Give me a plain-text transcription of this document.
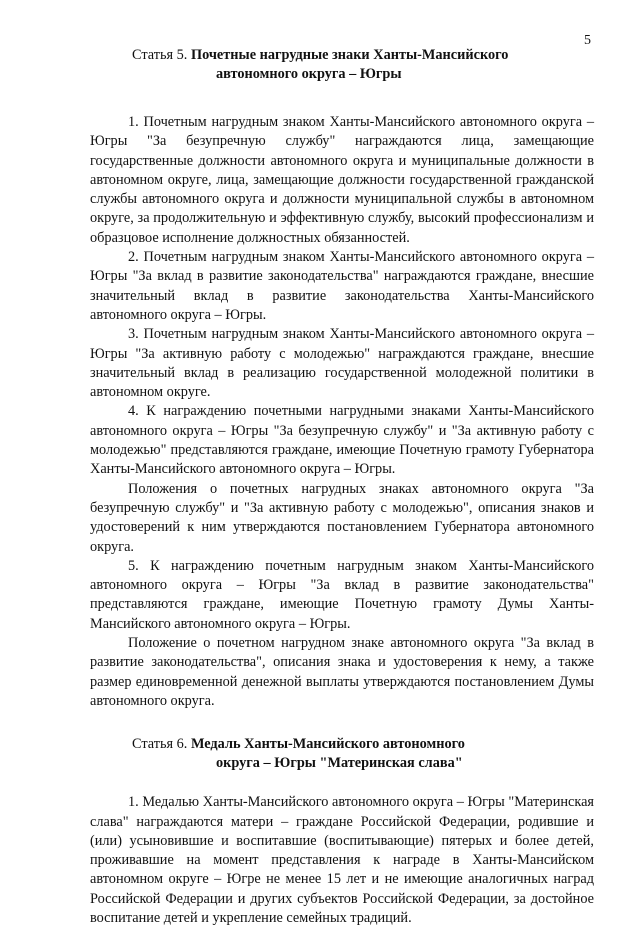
5
Статья 5. Почетные нагрудные знаки Ханты-Мансийского
автономного округа – Югры

1. Почетным нагрудным знаком Ханты-Мансийского автономного округа – Югры "За безупречную службу" награждаются лица, замещающие государственные должности автономного округа и муниципальные должности в автономном округе, лица, замещающие должности государственной гражданской службы автономного округа и должности муниципальной службы в автономном округе, за продолжительную и эффективную службу, высокий профессионализм и образцовое исполнение должностных обязанностей.

2. Почетным нагрудным знаком Ханты-Мансийского автономного округа – Югры "За вклад в развитие законодательства" награждаются граждане, внесшие значительный вклад в развитие законодательства Ханты-Мансийского автономного округа – Югры.

3. Почетным нагрудным знаком Ханты-Мансийского автономного округа – Югры "За активную работу с молодежью" награждаются граждане, внесшие значительный вклад в реализацию государственной молодежной политики в автономном округе.

4. К награждению почетными нагрудными знаками Ханты-Мансийского автономного округа – Югры "За безупречную службу" и "За активную работу с молодежью" представляются граждане, имеющие Почетную грамоту Губернатора Ханты-Мансийского автономного округа – Югры.

Положения о почетных нагрудных знаках автономного округа "За безупречную службу" и "За активную работу с молодежью", описания знаков и удостоверений к ним утверждаются постановлением Губернатора автономного округа.

5. К награждению почетным нагрудным знаком Ханты-Мансийского автономного округа – Югры "За вклад в развитие законодательства" представляются граждане, имеющие Почетную грамоту Думы Ханты-Мансийского автономного округа – Югры.

Положение о почетном нагрудном знаке автономного округа "За вклад в развитие законодательства", описания знака и удостоверения к нему, а также размер единовременной денежной выплаты утверждаются постановлением Думы автономного округа.

Статья 6. Медаль Ханты-Мансийского автономного
округа – Югры "Материнская слава"

1. Медалью Ханты-Мансийского автономного округа – Югры "Материнская слава" награждаются матери – граждане Российской Федерации, родившие и (или) усыновившие и воспитавшие (воспитывающие) пятерых и более детей, проживавшие на момент представления к награде в Ханты-Мансийском автономном округе – Югре не менее 15 лет и не имеющие аналогичных наград Российской Федерации и других субъектов Российской Федерации, за достойное воспитание детей и укрепление семейных традиций.
